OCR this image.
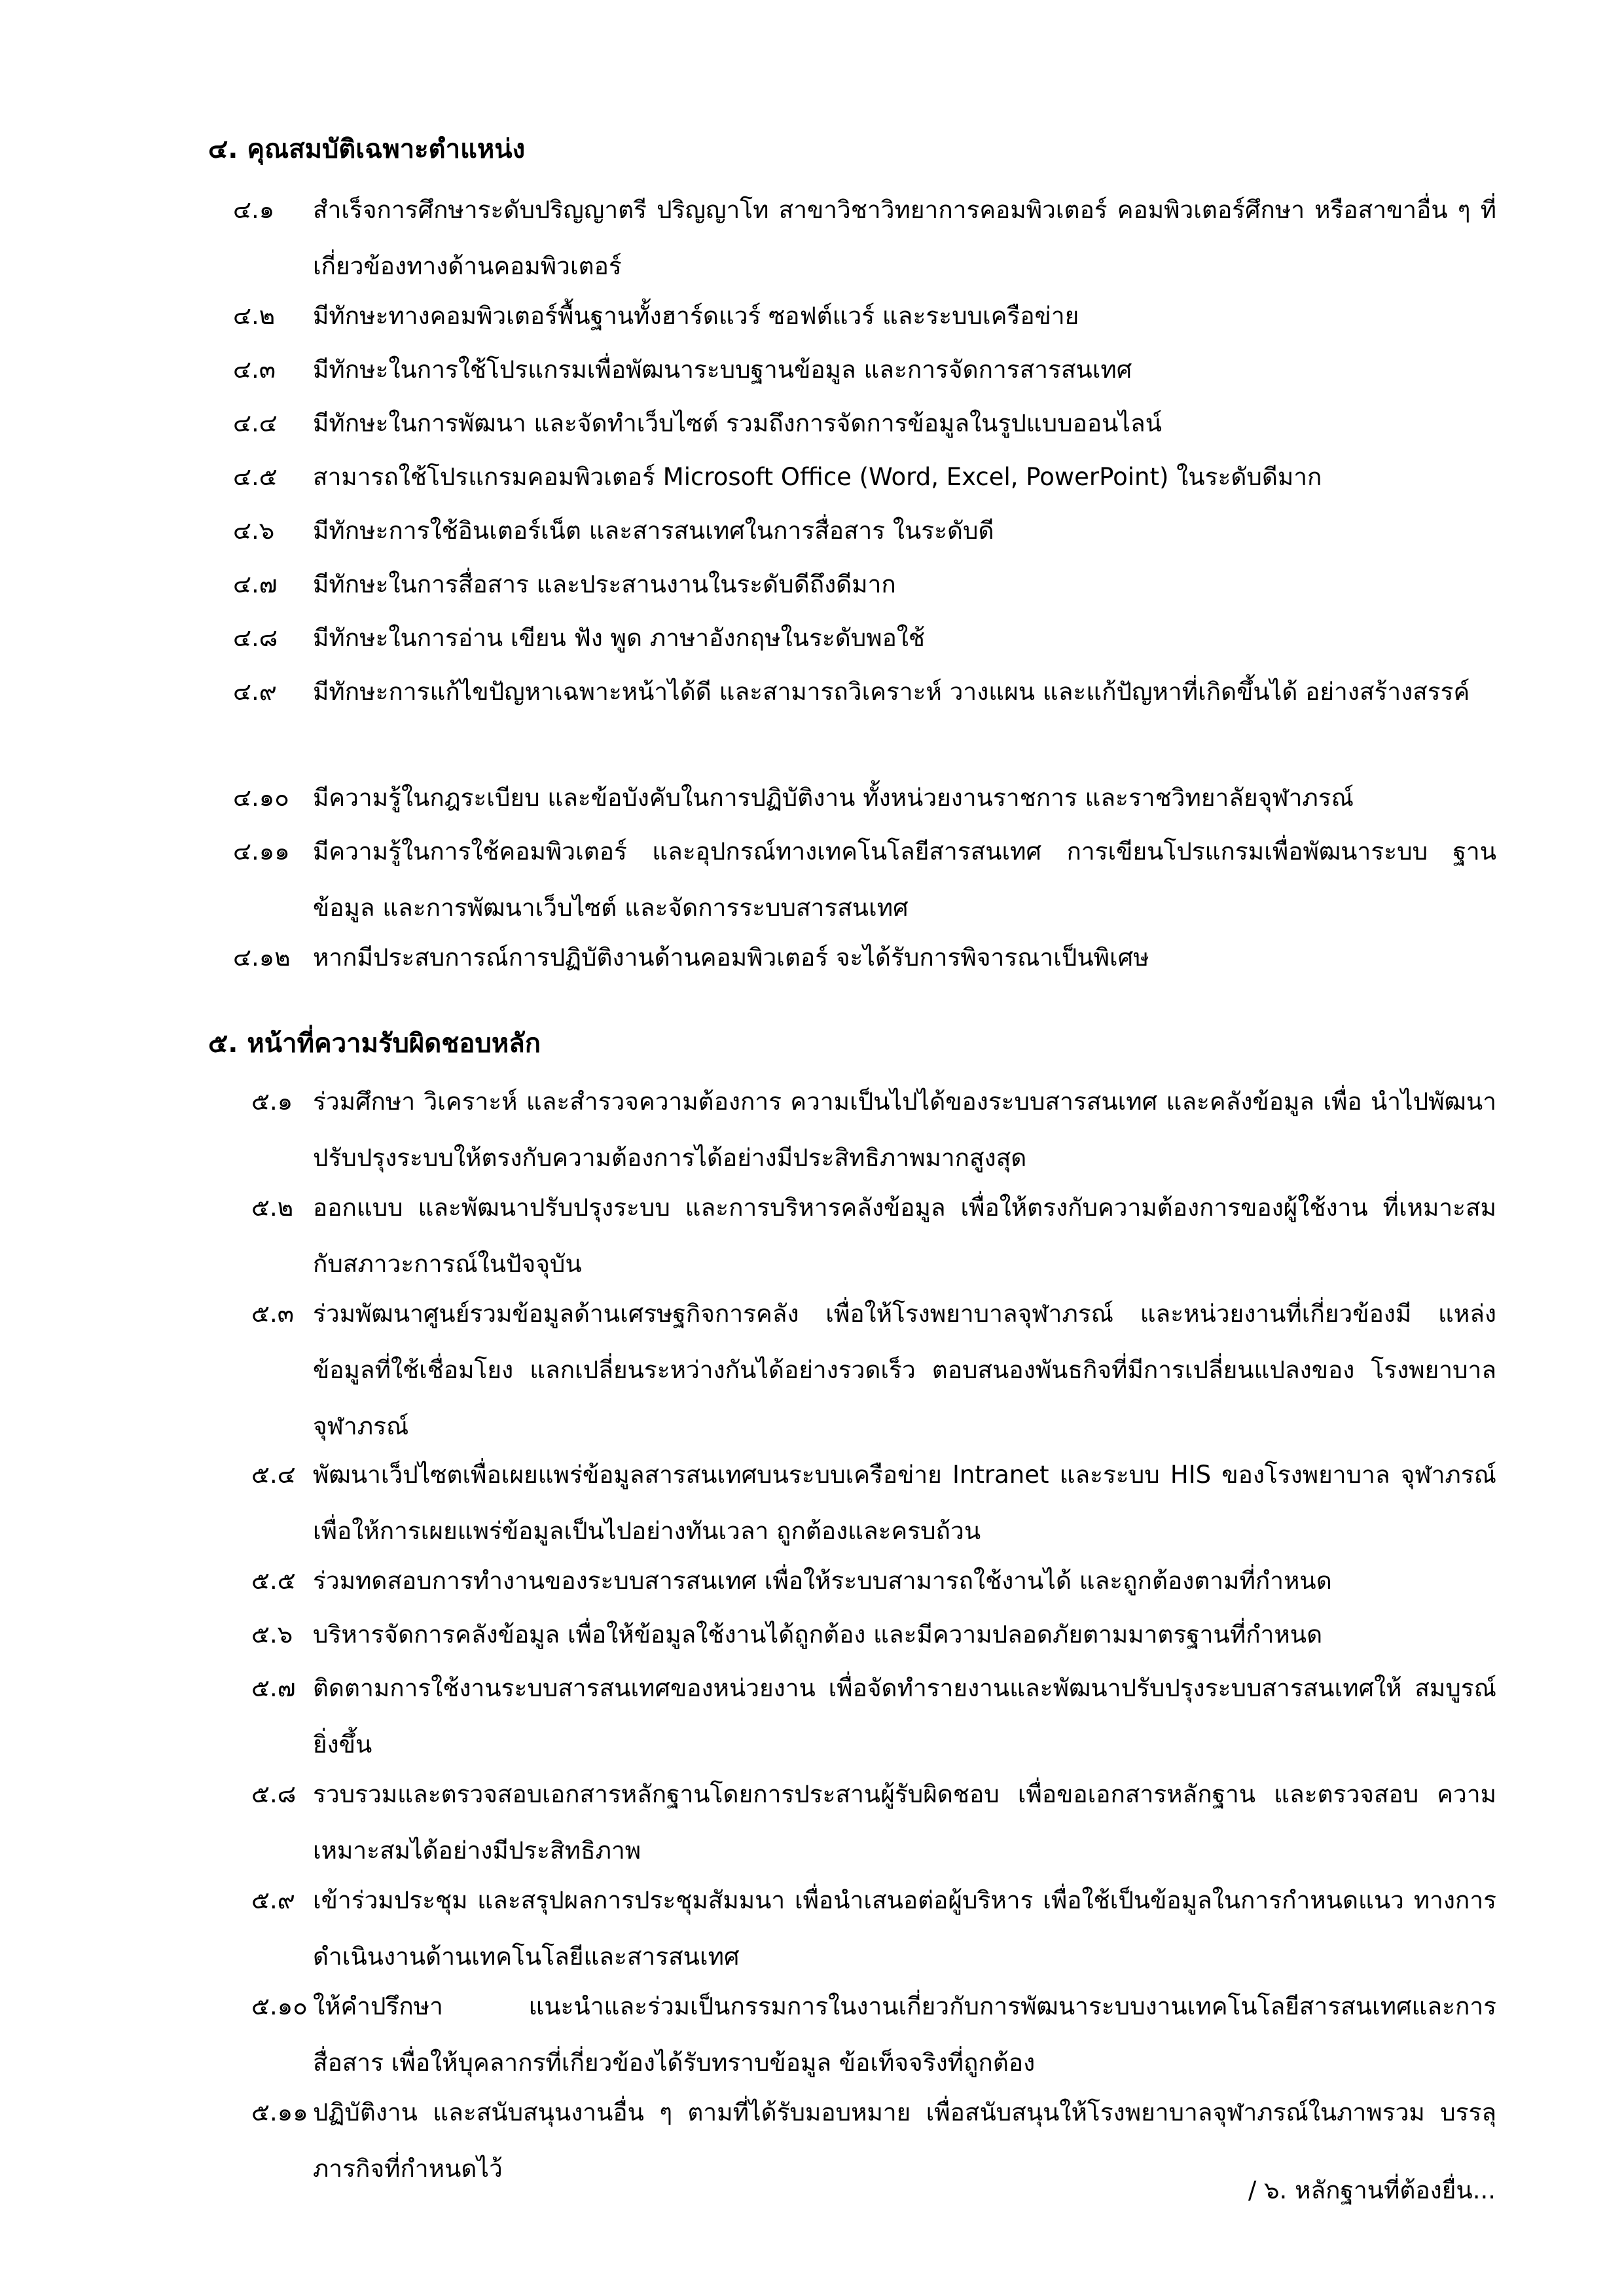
๔. คุณสมบัติเฉพาะตำแหน่ง
๔.๑ สำเร็จการศึกษาระดับปริญญาตรี ปริญญาโท สาขาวิชาวิทยาการคอมพิวเตอร์ คอมพิวเตอร์ศึกษา หรือสาขาอื่น ๆ ที่เกี่ยวข้องทางด้านคอมพิวเตอร์
๔.๒ มีทักษะทางคอมพิวเตอร์พื้นฐานทั้งฮาร์ดแวร์ ซอฟต์แวร์ และระบบเครือข่าย
๔.๓ มีทักษะในการใช้โปรแกรมเพื่อพัฒนาระบบฐานข้อมูล และการจัดการสารสนเทศ
๔.๔ มีทักษะในการพัฒนา และจัดทำเว็บไซต์ รวมถึงการจัดการข้อมูลในรูปแบบออนไลน์
๔.๕ สามารถใช้โปรแกรมคอมพิวเตอร์ Microsoft Office (Word, Excel, PowerPoint) ในระดับดีมาก
๔.๖ มีทักษะการใช้อินเตอร์เน็ต และสารสนเทศในการสื่อสาร ในระดับดี
๔.๗ มีทักษะในการสื่อสาร และประสานงานในระดับดีถึงดีมาก
๔.๘ มีทักษะในการอ่าน เขียน ฟัง พูด ภาษาอังกฤษในระดับพอใช้
๔.๙ มีทักษะการแก้ไขปัญหาเฉพาะหน้าได้ดี และสามารถวิเคราะห์ วางแผน และแก้ปัญหาที่เกิดขึ้นได้ อย่างสร้างสรรค์
๔.๑๐ มีความรู้ในกฎระเบียบ และข้อบังคับในการปฏิบัติงาน ทั้งหน่วยงานราชการ และราชวิทยาลัยจุฬาภรณ์
๔.๑๑ มีความรู้ในการใช้คอมพิวเตอร์ และอุปกรณ์ทางเทคโนโลยีสารสนเทศ การเขียนโปรแกรมเพื่อพัฒนาระบบ ฐานข้อมูล และการพัฒนาเว็บไซต์ และจัดการระบบสารสนเทศ
๔.๑๒ หากมีประสบการณ์การปฏิบัติงานด้านคอมพิวเตอร์ จะได้รับการพิจารณาเป็นพิเศษ
๕. หน้าที่ความรับผิดชอบหลัก
๕.๑ ร่วมศึกษา วิเคราะห์ และสำรวจความต้องการ ความเป็นไปได้ของระบบสารสนเทศ และคลังข้อมูล เพื่อ นำไปพัฒนา ปรับปรุงระบบให้ตรงกับความต้องการได้อย่างมีประสิทธิภาพมากสูงสุด
๕.๒ ออกแบบ และพัฒนาปรับปรุงระบบ และการบริหารคลังข้อมูล เพื่อให้ตรงกับความต้องการของผู้ใช้งาน ที่เหมาะสมกับสภาวะการณ์ในปัจจุบัน
๕.๓ ร่วมพัฒนาศูนย์รวมข้อมูลด้านเศรษฐกิจการคลัง เพื่อให้โรงพยาบาลจุฬาภรณ์ และหน่วยงานที่เกี่ยวข้องมี แหล่งข้อมูลที่ใช้เชื่อมโยง แลกเปลี่ยนระหว่างกันได้อย่างรวดเร็ว ตอบสนองพันธกิจที่มีการเปลี่ยนแปลงของ โรงพยาบาลจุฬาภรณ์
๕.๔ พัฒนาเว็ปไซตเพื่อเผยแพร่ข้อมูลสารสนเทศบนระบบเครือข่าย Intranet และระบบ HIS ของโรงพยาบาล จุฬาภรณ์ เพื่อให้การเผยแพร่ข้อมูลเป็นไปอย่างทันเวลา ถูกต้องและครบถ้วน
๕.๕ ร่วมทดสอบการทำงานของระบบสารสนเทศ เพื่อให้ระบบสามารถใช้งานได้ และถูกต้องตามที่กำหนด
๕.๖ บริหารจัดการคลังข้อมูล เพื่อให้ข้อมูลใช้งานได้ถูกต้อง และมีความปลอดภัยตามมาตรฐานที่กำหนด
๕.๗ ติดตามการใช้งานระบบสารสนเทศของหน่วยงาน เพื่อจัดทำรายงานและพัฒนาปรับปรุงระบบสารสนเทศให้ สมบูรณ์ยิ่งขึ้น
๕.๘ รวบรวมและตรวจสอบเอกสารหลักฐานโดยการประสานผู้รับผิดชอบ เพื่อขอเอกสารหลักฐาน และตรวจสอบ ความเหมาะสมได้อย่างมีประสิทธิภาพ
๕.๙ เข้าร่วมประชุม และสรุปผลการประชุมสัมมนา เพื่อนำเสนอต่อผู้บริหาร เพื่อใช้เป็นข้อมูลในการกำหนดแนว ทางการดำเนินงานด้านเทคโนโลยีและสารสนเทศ
๕.๑๐ ให้คำปรึกษา แนะนำและร่วมเป็นกรรมการในงานเกี่ยวกับการพัฒนาระบบงานเทคโนโลยีสารสนเทศและการ สื่อสาร เพื่อให้บุคลากรที่เกี่ยวข้องได้รับทราบข้อมูล ข้อเท็จจริงที่ถูกต้อง
๕.๑๑ ปฏิบัติงาน และสนับสนุนงานอื่น ๆ ตามที่ได้รับมอบหมาย เพื่อสนับสนุนให้โรงพยาบาลจุฬาภรณ์ในภาพรวม บรรลุภารกิจที่กำหนดไว้
/ ๖. หลักฐานที่ต้องยื่น...
